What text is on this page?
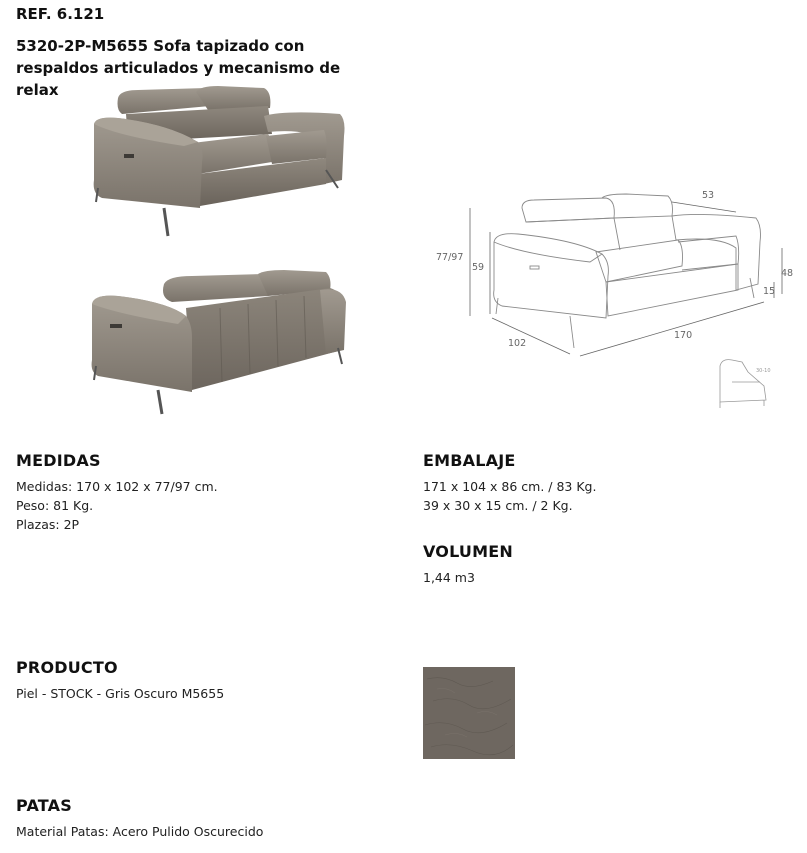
REF. 6.121

5320-2P-M5655 Sofa tapizado con respaldos articulados y mecanismo de relax

77/97
59
102
170
53
48
15
30-10

MEDIDAS

Medidas: 170 x 102 x 77/97 cm.

Peso: 81 Kg.

Plazas: 2P

EMBALAJE

171 x 104 x 86 cm. / 83 Kg.

39 x 30 x 15 cm. / 2 Kg.

VOLUMEN

1,44 m3

PRODUCTO

Piel - STOCK - Gris Oscuro M5655

PATAS

Material Patas: Acero Pulido Oscurecido
